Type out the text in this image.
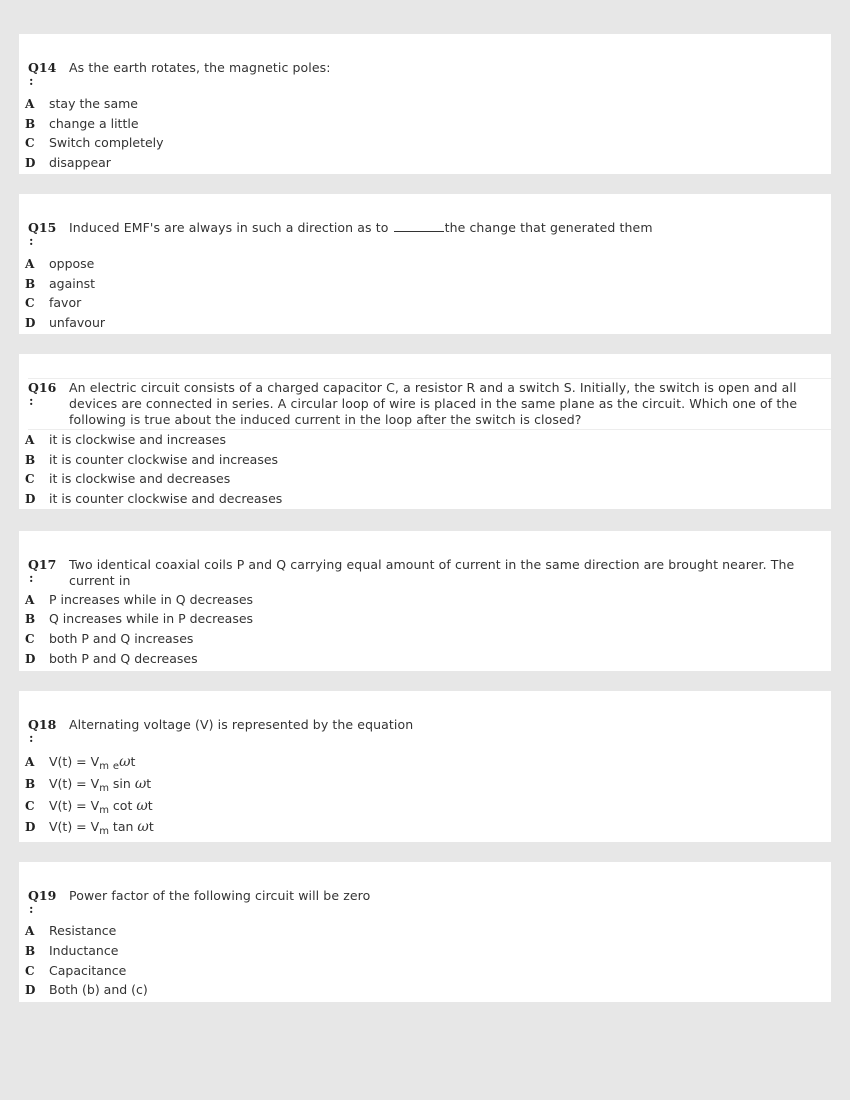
Q14
:
As the earth rotates, the magnetic poles:
A stay the same
B change a little
C Switch completely
D disappear
Q15
:
Induced EMF's are always in such a direction as to	the change that generated them
A oppose
B against
C favor
D unfavour
Q16
:
An electric circuit consists of a charged capacitor C, a resistor R and a switch S. Initially, the switch is open and all devices are connected in series. A circular loop of wire is placed in the same plane as the circuit. Which one of the following is true about the induced current in the loop after the switch is closed?
A it is clockwise and increases
B it is counter clockwise and increases
C it is clockwise and decreases
D it is counter clockwise and decreases
Q17
:
Two identical coaxial coils P and Q carrying equal amount of current in the same direction are brought nearer. The current in
A P increases while in Q decreases
B Q increases while in P decreases
C both P and Q increases
D both P and Q decreases
Q18
:
Alternating voltage (V) is represented by the equation
A $V(t) = V_m$ $_e$ωt
B $V(t) = V_m$ sin ωt
C $V(t) = V_m$ cot ωt
D $V(t) = V_m$ tan ωt
Q19
:
Power factor of the following circuit will be zero
A Resistance
B Inductance
C Capacitance
D Both (b) and (c)
